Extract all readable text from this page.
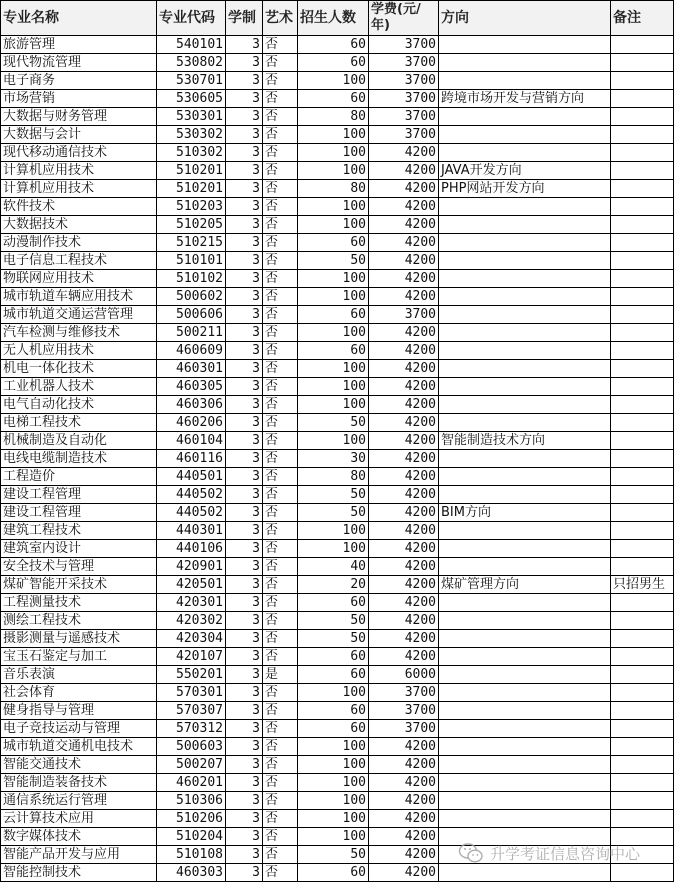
专业名称	专业代码	学制	艺术	招生人数	学费(元/年)	方向	备注
旅游管理	540101	3	否	60	3700		
现代物流管理	530802	3	否	60	3700		
电子商务	530701	3	否	100	3700		
市场营销	530605	3	否	60	3700	跨境市场开发与营销方向	
大数据与财务管理	530301	3	否	80	3700		
大数据与会计	530302	3	否	100	3700		
现代移动通信技术	510302	3	否	100	4200		
计算机应用技术	510201	3	否	100	4200	JAVA开发方向	
计算机应用技术	510201	3	否	80	4200	PHP网站开发方向	
软件技术	510203	3	否	100	4200		
大数据技术	510205	3	否	100	4200		
动漫制作技术	510215	3	否	60	4200		
电子信息工程技术	510101	3	否	50	4200		
物联网应用技术	510102	3	否	100	4200		
城市轨道车辆应用技术	500602	3	否	100	4200		
城市轨道交通运营管理	500606	3	否	60	3700		
汽车检测与维修技术	500211	3	否	100	4200		
无人机应用技术	460609	3	否	60	4200		
机电一体化技术	460301	3	否	100	4200		
工业机器人技术	460305	3	否	100	4200		
电气自动化技术	460306	3	否	100	4200		
电梯工程技术	460206	3	否	50	4200		
机械制造及自动化	460104	3	否	100	4200	智能制造技术方向	
电线电缆制造技术	460116	3	否	30	4200		
工程造价	440501	3	否	80	4200		
建设工程管理	440502	3	否	50	4200		
建设工程管理	440502	3	否	50	4200	BIM方向	
建筑工程技术	440301	3	否	100	4200		
建筑室内设计	440106	3	否	100	4200		
安全技术与管理	420901	3	否	40	4200		
煤矿智能开采技术	420501	3	否	20	4200	煤矿管理方向	只招男生
工程测量技术	420301	3	否	60	4200		
测绘工程技术	420302	3	否	50	4200		
摄影测量与遥感技术	420304	3	否	50	4200		
宝玉石鉴定与加工	420107	3	否	60	4200		
音乐表演	550201	3	是	60	6000		
社会体育	570301	3	否	100	3700		
健身指导与管理	570307	3	否	60	3700		
电子竞技运动与管理	570312	3	否	60	3700		
城市轨道交通机电技术	500603	3	否	100	4200		
智能交通技术	500207	3	否	100	4200		
智能制造装备技术	460201	3	否	100	4200		
通信系统运行管理	510306	3	否	100	4200		
云计算技术应用	510206	3	否	100	4200		
数字媒体技术	510204	3	否	100	4200		
智能产品开发与应用	510108	3	否	50	4200		
智能控制技术	460303	3	否	60	4200		
升学考证信息咨询中心
